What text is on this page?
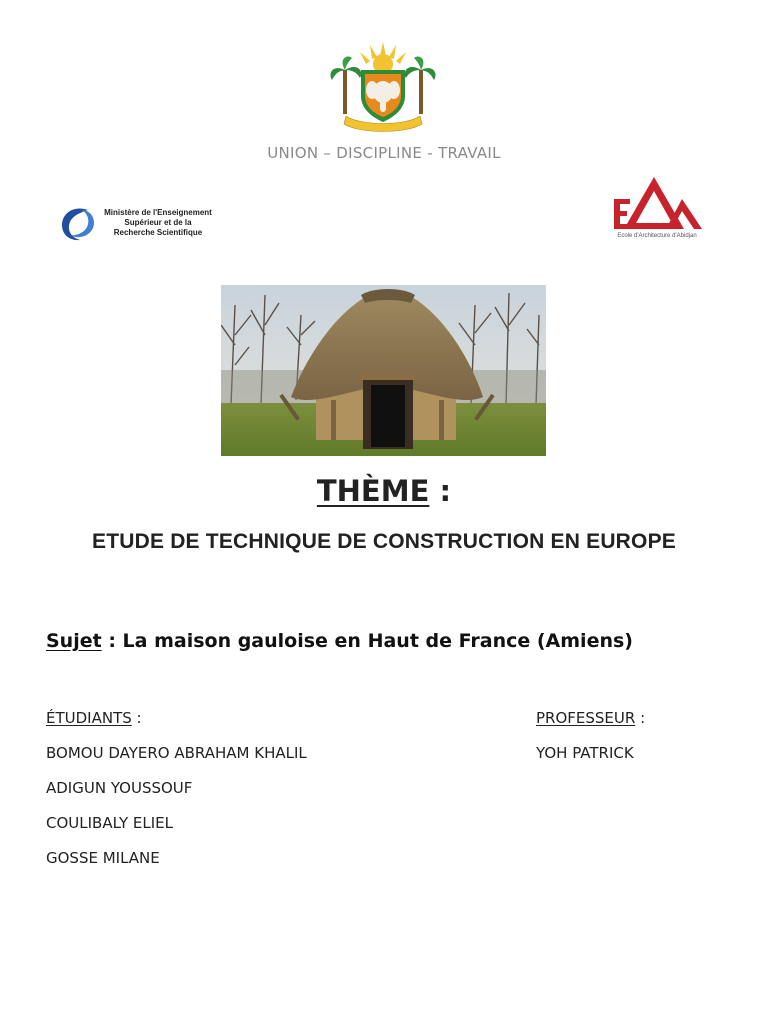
UNION – DISCIPLINE - TRAVAIL
Ministère de l'Enseignement
Supérieur et de la
Recherche Scientifique	Ecole d'Architecture d'Abidjan
THÈME :
ETUDE DE TECHNIQUE DE CONSTRUCTION EN EUROPE
Sujet : La maison gauloise en Haut de France (Amiens)
ÉTUDIANTS :
BOMOU DAYERO ABRAHAM KHALIL
ADIGUN YOUSSOUF
COULIBALY ELIEL
GOSSE MILANE
PROFESSEUR :
YOH PATRICK
